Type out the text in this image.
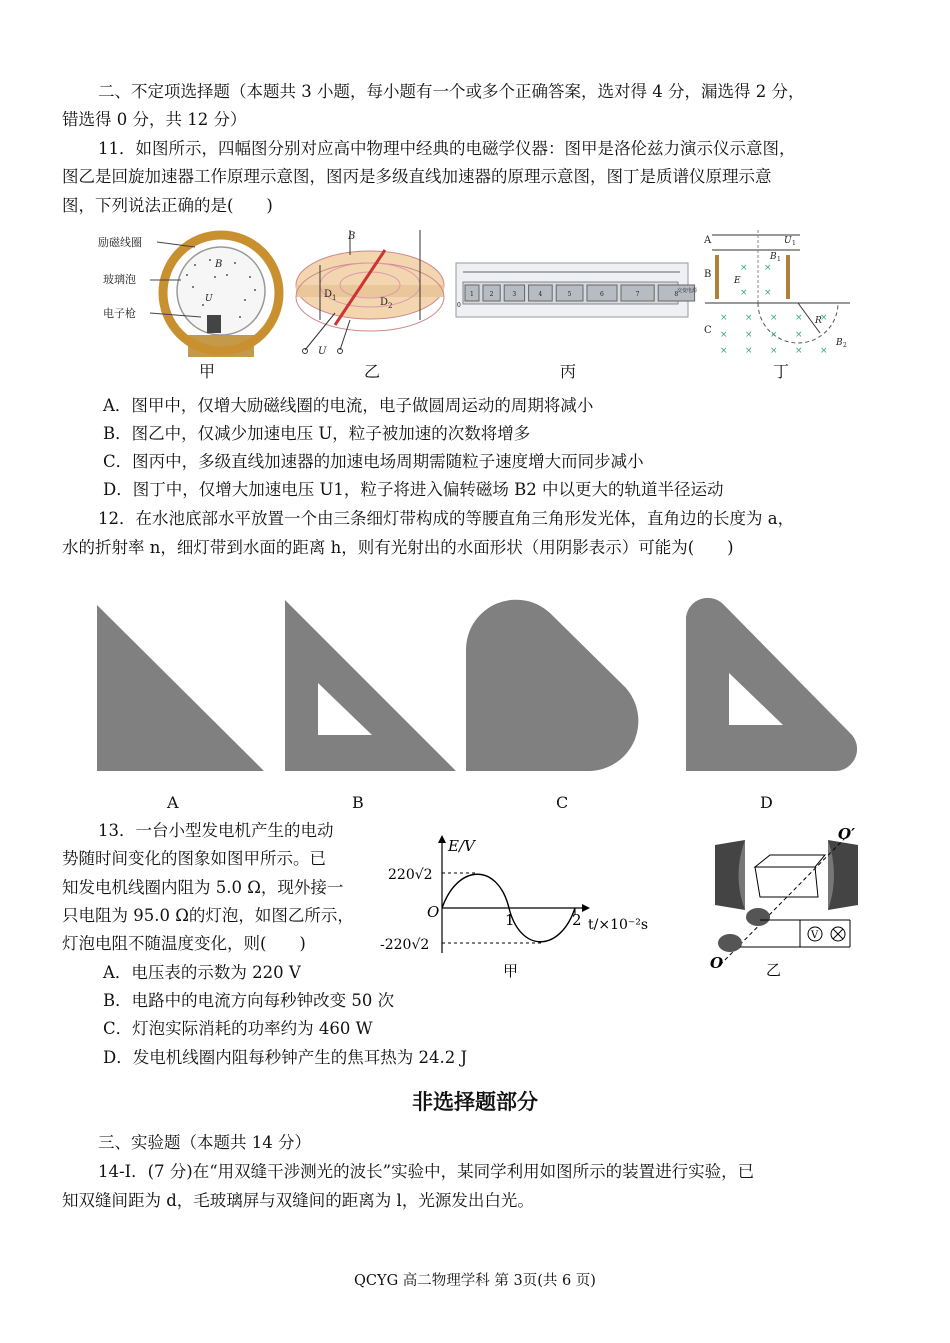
二、不定项选择题（本题共 3 小题，每小题有一个或多个正确答案，选对得 4 分，漏选得 2 分，
错选得 0 分，共 12 分）
11．如图所示，四幅图分别对应高中物理中经典的电磁学仪器：图甲是洛伦兹力演示仪示意图，
图乙是回旋加速器工作原理示意图，图丙是多级直线加速器的原理示意图，图丁是质谱仪原理示意
图，下列说法正确的是(　　)
励磁线圈
玻璃泡
电子枪
B
U
B
D 1	D 2
U
1	2	3	4	5	6	7	8
0
交变电源
× ×
× ×
× × × × ×
× × × ×
× × × × ×
A
B
C
U 1
B 1
E
R
B 2
甲	乙	丙	丁
A．图甲中，仅增大励磁线圈的电流，电子做圆周运动的周期将减小
B．图乙中，仅减少加速电压 U，粒子被加速的次数将增多
C．图丙中，多级直线加速器的加速电场周期需随粒子速度增大而同步减小
D．图丁中，仅增大加速电压 U1，粒子将进入偏转磁场 B2 中以更大的轨道半径运动
12．在水池底部水平放置一个由三条细灯带构成的等腰直角三角形发光体，直角边的长度为 a，
水的折射率 n，细灯带到水面的距离 h，则有光射出的水面形状（用阴影表示）可能为(　　)
A	B	C	D
13．一台小型发电机产生的电动
势随时间变化的图象如图甲所示。已
知发电机线圈内阻为 5.0 Ω，现外接一
只电阻为 95.0 Ω的灯泡，如图乙所示，
灯泡电阻不随温度变化，则(　　)
E/V
220√2
-220√2
O	1	2 t/×10⁻²s
甲
V
O′
O	乙
A．电压表的示数为 220 V
B．电路中的电流方向每秒钟改变 50 次
C．灯泡实际消耗的功率约为 460 W
D．发电机线圈内阻每秒钟产生的焦耳热为 24.2 J
非选择题部分
三、实验题（本题共 14 分）
14-Ⅰ．(7 分)在“用双缝干涉测光的波长”实验中，某同学利用如图所示的装置进行实验，已
知双缝间距为 d，毛玻璃屏与双缝间的距离为 l，光源发出白光。
QCYG 高二物理学科 第 3页(共 6 页)
